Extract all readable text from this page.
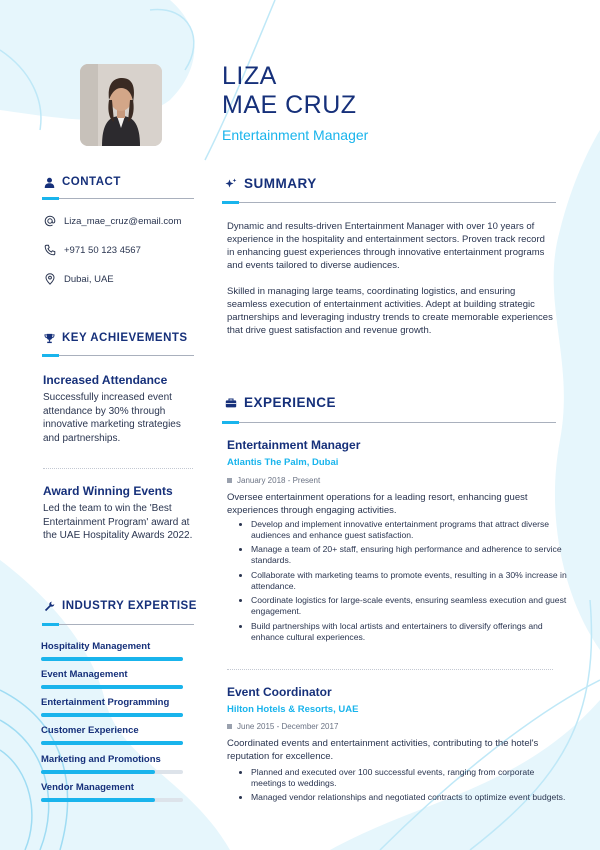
LIZA
MAE CRUZ
Entertainment Manager
CONTACT
Liza_mae_cruz@email.com
+971 50 123 4567
Dubai, UAE
KEY ACHIEVEMENTS
Increased Attendance
Successfully increased event attendance by 30% through innovative marketing strategies and partnerships.
Award Winning Events
Led the team to win the 'Best Entertainment Program' award at the UAE Hospitality Awards 2022.
INDUSTRY EXPERTISE
Hospitality Management
Event Management
Entertainment Programming
Customer Experience
Marketing and Promotions
Vendor Management
SUMMARY

Dynamic and results-driven Entertainment Manager with over 10 years of experience in the hospitality and entertainment sectors. Proven track record in enhancing guest experiences through innovative entertainment programs and events tailored to diverse audiences.

Skilled in managing large teams, coordinating logistics, and ensuring seamless execution of entertainment activities. Adept at building strategic partnerships and leveraging industry trends to create memorable experiences that drive guest satisfaction and revenue growth.

EXPERIENCE
Entertainment Manager
Atlantis The Palm, Dubai
January 2018 - Present

Oversee entertainment operations for a leading resort, enhancing guest experiences through engaging activities.

• Develop and implement innovative entertainment programs that attract diverse audiences and enhance guest satisfaction.
• Manage a team of 20+ staff, ensuring high performance and adherence to service standards.
• Collaborate with marketing teams to promote events, resulting in a 30% increase in attendance.
• Coordinate logistics for large-scale events, ensuring seamless execution and guest engagement.
• Build partnerships with local artists and entertainers to diversify offerings and enhance cultural experiences.
Event Coordinator
Hilton Hotels & Resorts, UAE
June 2015 - December 2017

Coordinated events and entertainment activities, contributing to the hotel's reputation for excellence.

• Planned and executed over 100 successful events, ranging from corporate meetings to weddings.
• Managed vendor relationships and negotiated contracts to optimize event budgets.
